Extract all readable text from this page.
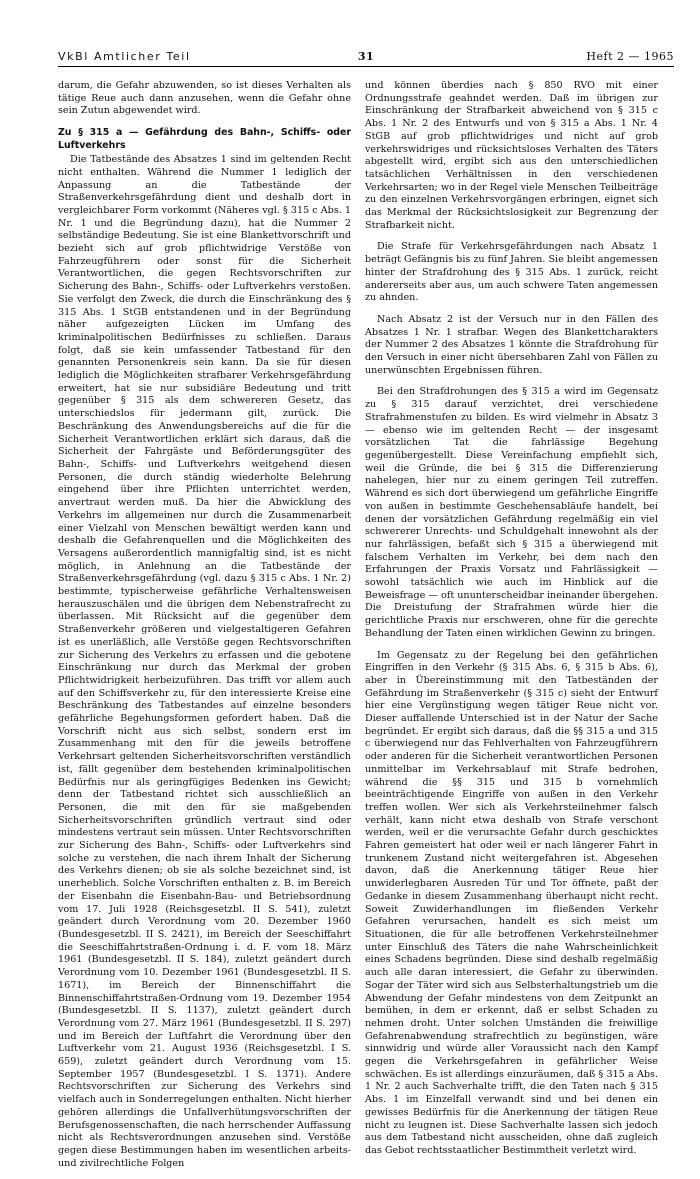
VkBl Amtlicher Teil	31	Heft 2 — 1965

darum, die Gefahr abzuwenden, so ist dieses Verhalten als tätige Reue auch dann anzusehen, wenn die Gefahr ohne sein Zutun abgewendet wird.

Zu § 315 a — Gefährdung des Bahn-, Schiffs- oder Luftverkehrs

Die Tatbestände des Absatzes 1 sind im geltenden Recht nicht enthalten. Während die Nummer 1 lediglich der Anpassung an die Tatbestände der Straßenverkehrsgefährdung dient und deshalb dort in vergleichbarer Form vorkommt (Näheres vgl. § 315 c Abs. 1 Nr. 1 und die Begründung dazu), hat die Nummer 2 selbständige Bedeutung. Sie ist eine Blankettvorschrift und bezieht sich auf grob pflichtwidrige Verstöße von Fahrzeugführern oder sonst für die Sicherheit Verantwortlichen, die gegen Rechtsvorschriften zur Sicherung des Bahn-, Schiffs- oder Luftverkehrs verstoßen. Sie verfolgt den Zweck, die durch die Einschränkung des § 315 Abs. 1 StGB entstandenen und in der Begründung näher aufgezeigten Lücken im Umfang des kriminalpolitischen Bedürfnisses zu schließen. Daraus folgt, daß sie kein umfassender Tatbestand für den genannten Personenkreis sein kann. Da sie für diesen lediglich die Möglichkeiten strafbarer Verkehrsgefährdung erweitert, hat sie nur subsidiäre Bedeutung und tritt gegenüber § 315 als dem schwereren Gesetz, das unterschiedslos für jedermann gilt, zurück. Die Beschränkung des Anwendungsbereichs auf die für die Sicherheit Verantwortlichen erklärt sich daraus, daß die Sicherheit der Fahrgäste und Beförderungsgüter des Bahn-, Schiffs- und Luftverkehrs weitgehend diesen Personen, die durch ständig wiederholte Belehrung eingehend über ihre Pflichten unterrichtet werden, anvertraut werden muß. Da hier die Abwicklung des Verkehrs im allgemeinen nur durch die Zusammenarbeit einer Vielzahl von Menschen bewältigt werden kann und deshalb die Gefahrenquellen und die Möglichkeiten des Versagens außerordentlich mannigfaltig sind, ist es nicht möglich, in Anlehnung an die Tatbestände der Straßenverkehrsgefährdung (vgl. dazu § 315 c Abs. 1 Nr. 2) bestimmte, typischerweise gefährliche Verhaltensweisen herauszuschälen und die übrigen dem Nebenstrafrecht zu überlassen. Mit Rücksicht auf die gegenüber dem Straßenverkehr größeren und vielgestaltigeren Gefahren ist es unerläßlich, alle Verstöße gegen Rechtsvorschriften zur Sicherung des Verkehrs zu erfassen und die gebotene Einschränkung nur durch das Merkmal der groben Pflichtwidrigkeit herbeizuführen. Das trifft vor allem auch auf den Schiffsverkehr zu, für den interessierte Kreise eine Beschränkung des Tatbestandes auf einzelne besonders gefährliche Begehungsformen gefordert haben. Daß die Vorschrift nicht aus sich selbst, sondern erst im Zusammenhang mit den für die jeweils betroffene Verkehrsart geltenden Sicherheitsvorschriften verständlich ist, fällt gegenüber dem bestehenden kriminalpolitischen Bedürfnis nur als geringfügiges Bedenken ins Gewicht; denn der Tatbestand richtet sich ausschließlich an Personen, die mit den für sie maßgebenden Sicherheitsvorschriften gründlich vertraut sind oder mindestens vertraut sein müssen. Unter Rechtsvorschriften zur Sicherung des Bahn-, Schiffs- oder Luftverkehrs sind solche zu verstehen, die nach ihrem Inhalt der Sicherung des Verkehrs dienen; ob sie als solche bezeichnet sind, ist unerheblich. Solche Vorschriften enthalten z. B. im Bereich der Eisenbahn die Eisenbahn-Bau- und Betriebsordnung vom 17. Juli 1928 (Reichsgesetzbl. II S. 541), zuletzt geändert durch Verordnung vom 20. Dezember 1960 (Bundesgesetzbl. II S. 2421), im Bereich der Seeschiffahrt die Seeschiffahrtstraßen-Ordnung i. d. F. vom 18. März 1961 (Bundesgesetzbl. II S. 184), zuletzt geändert durch Verordnung vom 10. Dezember 1961 (Bundesgesetzbl. II S. 1671), im Bereich der Binnenschiffahrt die Binnenschiffahrtstraßen-Ordnung vom 19. Dezember 1954 (Bundesgesetzbl. II S. 1137), zuletzt geändert durch Verordnung vom 27. März 1961 (Bundesgesetzbl. II S. 297) und im Bereich der Luftfahrt die Verordnung über den Luftverkehr vom 21. August 1936 (Reichsgesetzbl. I S. 659), zuletzt geändert durch Verordnung vom 15. September 1957 (Bundesgesetzbl. I S. 1371). Andere Rechtsvorschriften zur Sicherung des Verkehrs sind vielfach auch in Sonderregelungen enthalten. Nicht hierher gehören allerdings die Unfallverhütungsvorschriften der Berufsgenossenschaften, die nach herrschender Auffassung nicht als Rechtsverordnungen anzusehen sind. Verstöße gegen diese Bestimmungen haben im wesentlichen arbeits- und zivilrechtliche Folgen

und können überdies nach § 850 RVO mit einer Ordnungsstrafe geahndet werden. Daß im übrigen zur Einschränkung der Strafbarkeit abweichend von § 315 c Abs. 1 Nr. 2 des Entwurfs und von § 315 a Abs. 1 Nr. 4 StGB auf grob pflichtwidriges und nicht auf grob verkehrswidriges und rücksichtsloses Verhalten des Täters abgestellt wird, ergibt sich aus den unterschiedlichen tatsächlichen Verhältnissen in den verschiedenen Verkehrsarten; wo in der Regel viele Menschen Teilbeiträge zu den einzelnen Verkehrsvorgängen erbringen, eignet sich das Merkmal der Rücksichtslosigkeit zur Begrenzung der Strafbarkeit nicht.

Die Strafe für Verkehrsgefährdungen nach Absatz 1 beträgt Gefängnis bis zu fünf Jahren. Sie bleibt angemessen hinter der Strafdrohung des § 315 Abs. 1 zurück, reicht andererseits aber aus, um auch schwere Taten angemessen zu ahnden.

Nach Absatz 2 ist der Versuch nur in den Fällen des Absatzes 1 Nr. 1 strafbar. Wegen des Blankettcharakters der Nummer 2 des Absatzes 1 könnte die Strafdrohung für den Versuch in einer nicht übersehbaren Zahl von Fällen zu unerwünschten Ergebnissen führen.

Bei den Strafdrohungen des § 315 a wird im Gegensatz zu § 315 darauf verzichtet, drei verschiedene Strafrahmenstufen zu bilden. Es wird vielmehr in Absatz 3 — ebenso wie im geltenden Recht — der insgesamt vorsätzlichen Tat die fahrlässige Begehung gegenübergestellt. Diese Vereinfachung empfiehlt sich, weil die Gründe, die bei § 315 die Differenzierung nahelegen, hier nur zu einem geringen Teil zutreffen. Während es sich dort überwiegend um gefährliche Eingriffe von außen in bestimmte Geschehensabläufe handelt, bei denen der vorsätzlichen Gefährdung regelmäßig ein viel schwererer Unrechts- und Schuldgehalt innewohnt als der nur fahrlässigen, befaßt sich § 315 a überwiegend mit falschem Verhalten im Verkehr, bei dem nach den Erfahrungen der Praxis Vorsatz und Fahrlässigkeit — sowohl tatsächlich wie auch im Hinblick auf die Beweisfrage — oft ununterscheidbar ineinander übergehen. Die Dreistufung der Strafrahmen würde hier die gerichtliche Praxis nur erschweren, ohne für die gerechte Behandlung der Taten einen wirklichen Gewinn zu bringen.

Im Gegensatz zu der Regelung bei den gefährlichen Eingriffen in den Verkehr (§ 315 Abs. 6, § 315 b Abs. 6), aber in Übereinstimmung mit den Tatbeständen der Gefährdung im Straßenverkehr (§ 315 c) sieht der Entwurf hier eine Vergünstigung wegen tätiger Reue nicht vor. Dieser auffallende Unterschied ist in der Natur der Sache begründet. Er ergibt sich daraus, daß die §§ 315 a und 315 c überwiegend nur das Fehlverhalten von Fahrzeugführern oder anderen für die Sicherheit verantwortlichen Personen unmittelbar im Verkehrsablauf mit Strafe bedrohen, während die §§ 315 und 315 b vornehmlich beeinträchtigende Eingriffe von außen in den Verkehr treffen wollen. Wer sich als Verkehrsteilnehmer falsch verhält, kann nicht etwa deshalb von Strafe verschont werden, weil er die verursachte Gefahr durch geschicktes Fahren gemeistert hat oder weil er nach längerer Fahrt in trunkenem Zustand nicht weitergefahren ist. Abgesehen davon, daß die Anerkennung tätiger Reue hier unwiderlegbaren Ausreden Tür und Tor öffnete, paßt der Gedanke in diesem Zusammenhang überhaupt nicht recht. Soweit Zuwiderhandlungen im fließenden Verkehr Gefahren verursachen, handelt es sich meist um Situationen, die für alle betroffenen Verkehrsteilnehmer unter Einschluß des Täters die nahe Wahrscheinlichkeit eines Schadens begründen. Diese sind deshalb regelmäßig auch alle daran interessiert, die Gefahr zu überwinden. Sogar der Täter wird sich aus Selbsterhaltungstrieb um die Abwendung der Gefahr mindestens von dem Zeitpunkt an bemühen, in dem er erkennt, daß er selbst Schaden zu nehmen droht. Unter solchen Umständen die freiwillige Gefahrenabwendung strafrechtlich zu begünstigen, wäre sinnwidrig und würde aller Voraussicht nach den Kampf gegen die Verkehrsgefahren in gefährlicher Weise schwächen. Es ist allerdings einzuräumen, daß § 315 a Abs. 1 Nr. 2 auch Sachverhalte trifft, die den Taten nach § 315 Abs. 1 im Einzelfall verwandt sind und bei denen ein gewisses Bedürfnis für die Anerkennung der tätigen Reue nicht zu leugnen ist. Diese Sachverhalte lassen sich jedoch aus dem Tatbestand nicht ausscheiden, ohne daß zugleich das Gebot rechtsstaatlicher Bestimmtheit verletzt wird.
